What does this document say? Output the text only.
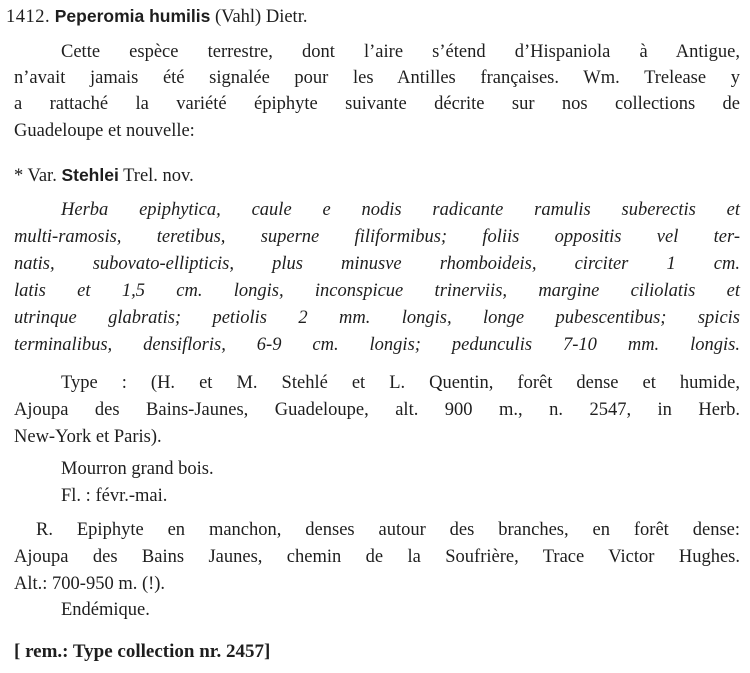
1412. Peperomia humilis (Vahl) Dietr.
Cette espèce terrestre, dont l’aire s’étend d’Hispaniola à Antigue,
n’avait jamais été signalée pour les Antilles françaises. Wm. Trelease y
a rattaché la variété épiphyte suivante décrite sur nos collections de
Guadeloupe et nouvelle:
* Var. Stehlei Trel. nov.
Herba epiphytica, caule e nodis radicante ramulis suberectis et
multi-ramosis, teretibus, superne filiformibus; foliis oppositis vel ter-
natis, subovato-ellipticis, plus minusve rhomboideis, circiter 1 cm.
latis et 1,5 cm. longis, inconspicue trinerviis, margine ciliolatis et
utrinque glabratis; petiolis 2 mm. longis, longe pubescentibus; spicis
terminalibus, densifloris, 6-9 cm. longis; pedunculis 7-10 mm. longis.
Type : (H. et M. Stehlé et L. Quentin, forêt dense et humide,
Ajoupa des Bains-Jaunes, Guadeloupe, alt. 900 m., n. 2547, in Herb.
New-York et Paris).
Mourron grand bois.
Fl. : févr.-mai.
R. Epiphyte en manchon, denses autour des branches, en forêt dense:
Ajoupa des Bains Jaunes, chemin de la Soufrière, Trace Victor Hughes.
Alt.: 700-950 m. (!).
Endémique.
[ rem.: Type collection nr. 2457]
